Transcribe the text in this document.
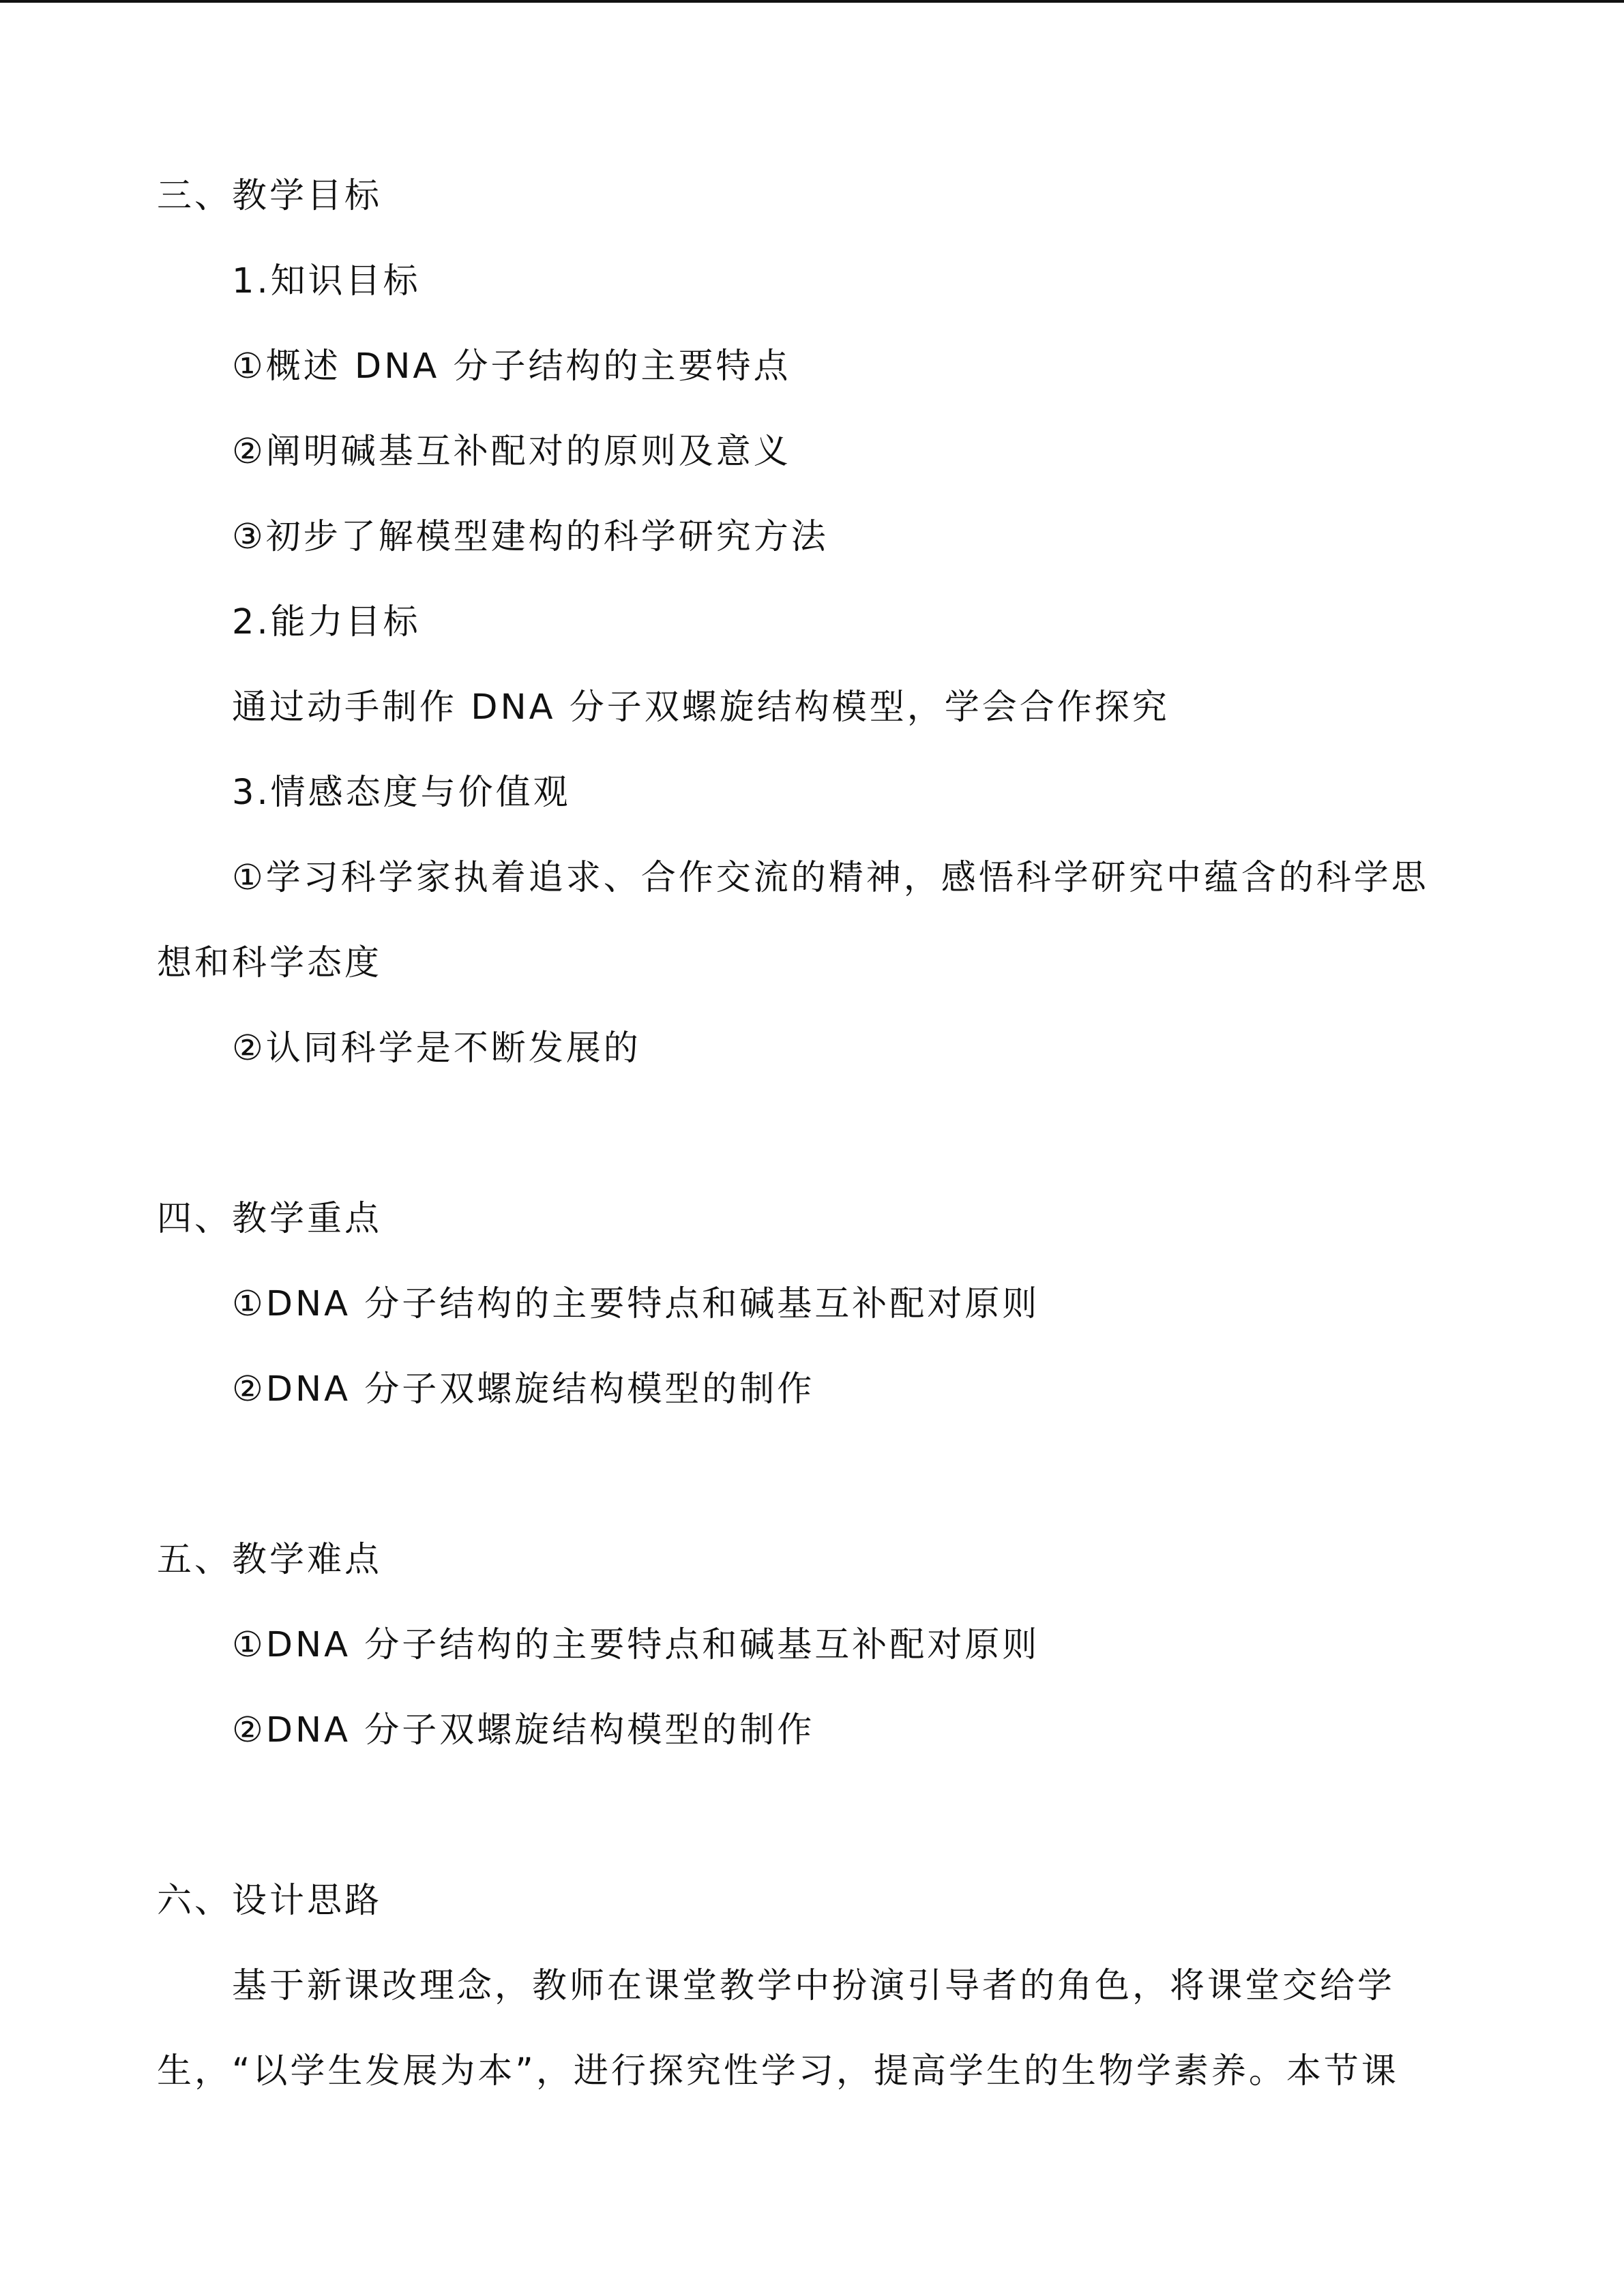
三、教学目标
1.知识目标
①概述 DNA 分子结构的主要特点
②阐明碱基互补配对的原则及意义
③初步了解模型建构的科学研究方法
2.能力目标
通过动手制作 DNA 分子双螺旋结构模型，学会合作探究
3.情感态度与价值观
①学习科学家执着追求、合作交流的精神，感悟科学研究中蕴含的科学思
想和科学态度
②认同科学是不断发展的
四、教学重点
①DNA 分子结构的主要特点和碱基互补配对原则
②DNA 分子双螺旋结构模型的制作
五、教学难点
①DNA 分子结构的主要特点和碱基互补配对原则
②DNA 分子双螺旋结构模型的制作
六、设计思路
基于新课改理念，教师在课堂教学中扮演引导者的角色，将课堂交给学
生，“以学生发展为本”，进行探究性学习，提高学生的生物学素养。本节课
